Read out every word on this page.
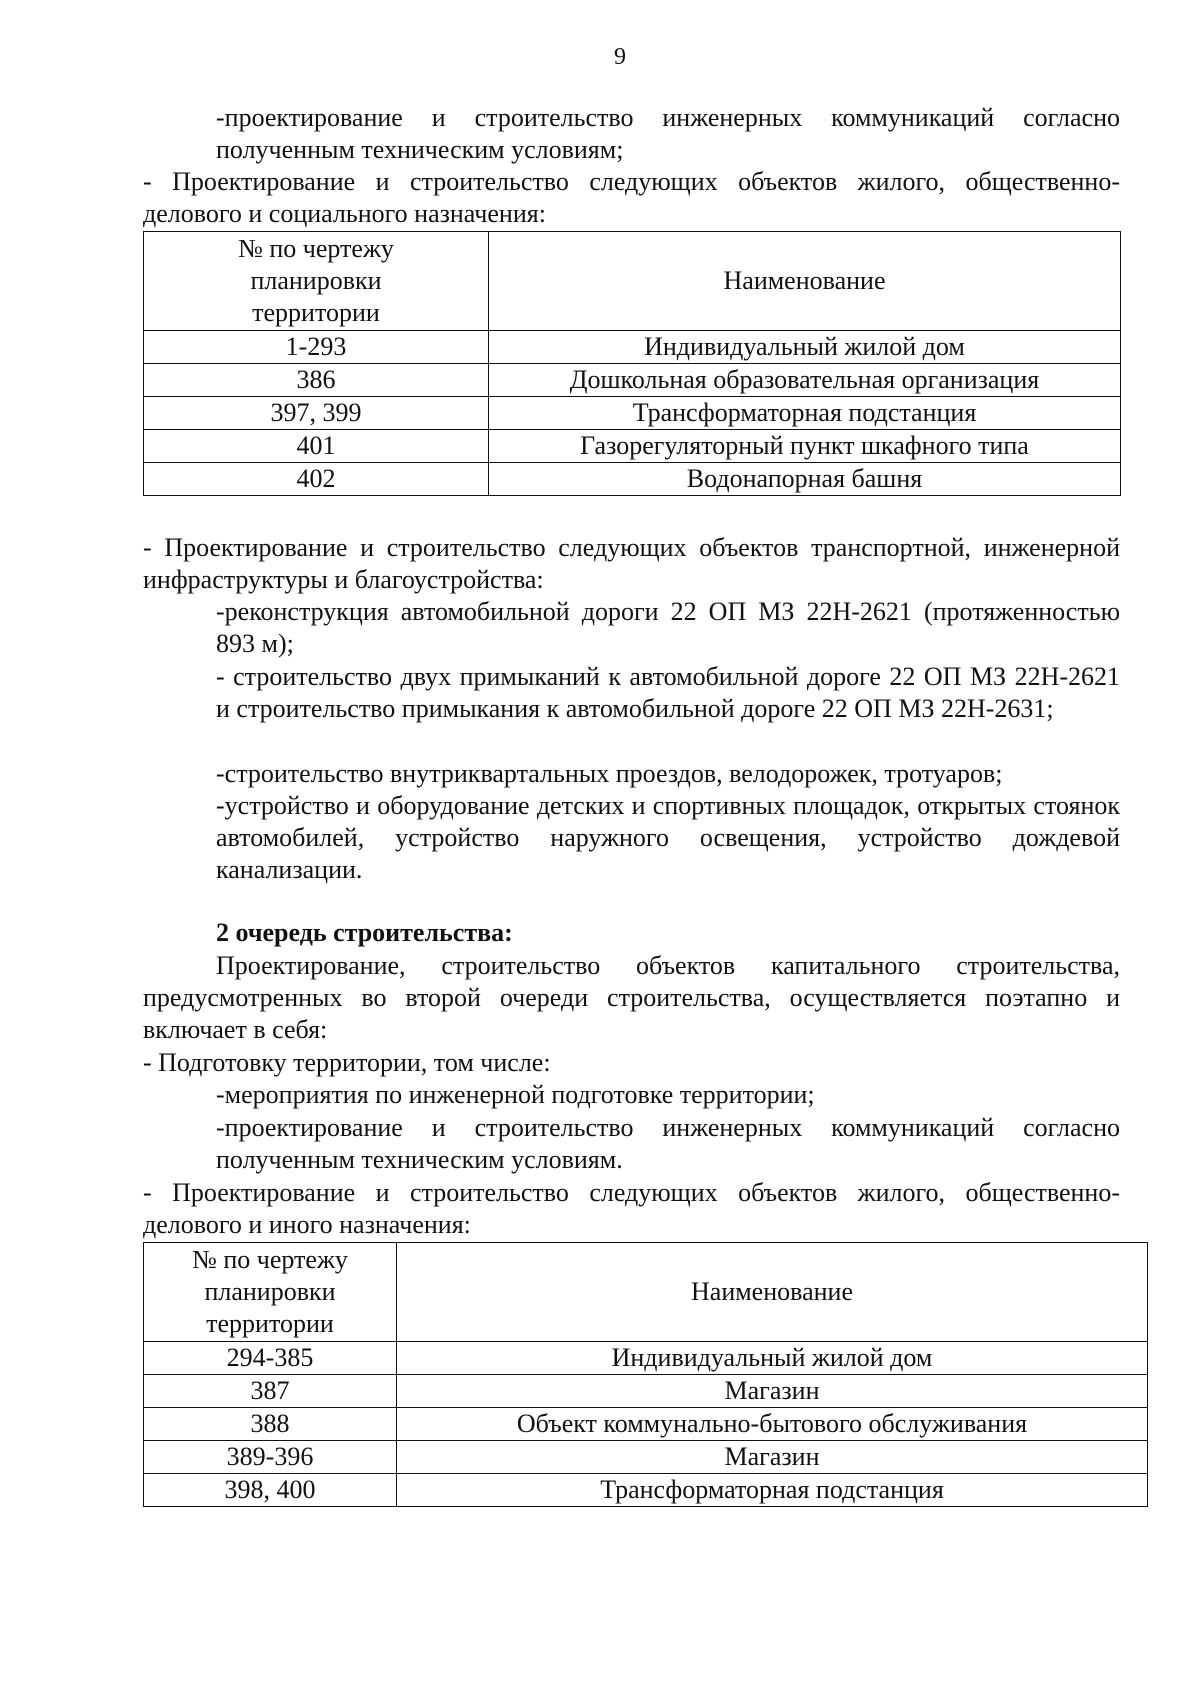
9

-проектирование и строительство инженерных коммуникаций согласно полученным техническим условиям;

- Проектирование и строительство следующих объектов жилого, общественно-делового и социального назначения:

№ по чертежу планировки территории	Наименование
1-293	Индивидуальный жилой дом
386	Дошкольная образовательная организация
397, 399	Трансформаторная подстанция
401	Газорегуляторный пункт шкафного типа
402	Водонапорная башня

- Проектирование и строительство следующих объектов транспортной, инженерной инфраструктуры и благоустройства:

-реконструкция автомобильной дороги 22 ОП МЗ 22Н-2621 (протяженностью 893 м);

- строительство двух примыканий к автомобильной дороге 22 ОП МЗ 22Н-2621 и строительство примыкания к автомобильной дороге 22 ОП МЗ 22Н-2631;

-строительство внутриквартальных проездов, велодорожек, тротуаров;

-устройство и оборудование детских и спортивных площадок, открытых стоянок автомобилей, устройство наружного освещения, устройство дождевой канализации.

2 очередь строительства:

Проектирование, строительство объектов капитального строительства, предусмотренных во второй очереди строительства, осуществляется поэтапно и включает в себя:

- Подготовку территории, том числе:

-мероприятия по инженерной подготовке территории;

-проектирование и строительство инженерных коммуникаций согласно полученным техническим условиям.

- Проектирование и строительство следующих объектов жилого, общественно-делового и иного назначения:

№ по чертежу планировки территории	Наименование
294-385	Индивидуальный жилой дом
387	Магазин
388	Объект коммунально-бытового обслуживания
389-396	Магазин
398, 400	Трансформаторная подстанция
